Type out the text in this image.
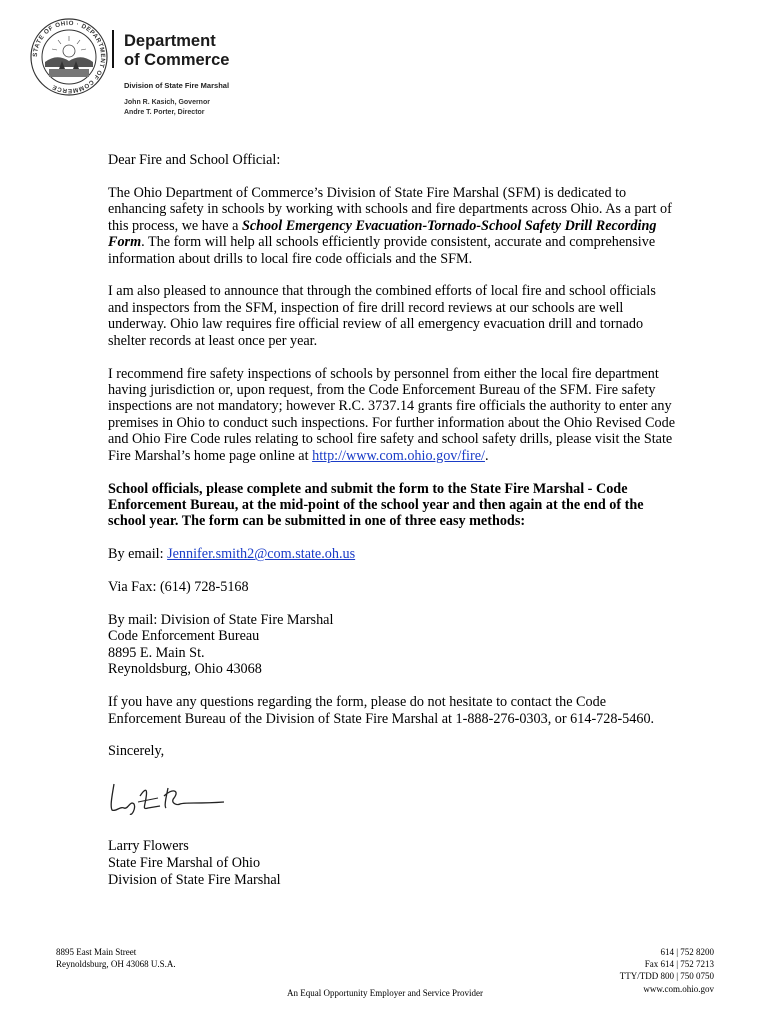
STATE OF OHIO · DEPARTMENT OF COMMERCE
Department
of Commerce
Division of State Fire Marshal
John R. Kasich, Governor
Andre T. Porter, Director

Dear Fire and School Official:

The Ohio Department of Commerce’s Division of State Fire Marshal (SFM) is dedicated to enhancing safety in schools by working with schools and fire departments across Ohio. As a part of this process, we have a School Emergency Evacuation-Tornado-School Safety Drill Recording Form. The form will help all schools efficiently provide consistent, accurate and comprehensive information about drills to local fire code officials and the SFM.

I am also pleased to announce that through the combined efforts of local fire and school officials and inspectors from the SFM, inspection of fire drill record reviews at our schools are well underway. Ohio law requires fire official review of all emergency evacuation drill and tornado shelter records at least once per year.

I recommend fire safety inspections of schools by personnel from either the local fire department having jurisdiction or, upon request, from the Code Enforcement Bureau of the SFM. Fire safety inspections are not mandatory; however R.C. 3737.14 grants fire officials the authority to enter any premises in Ohio to conduct such inspections. For further information about the Ohio Revised Code and Ohio Fire Code rules relating to school fire safety and school safety drills, please visit the State Fire Marshal’s home page online at http://www.com.ohio.gov/fire/.

School officials, please complete and submit the form to the State Fire Marshal - Code Enforcement Bureau, at the mid-point of the school year and then again at the end of the school year. The form can be submitted in one of three easy methods:

By email: Jennifer.smith2@com.state.oh.us

Via Fax: (614) 728-5168

By mail: Division of State Fire Marshal
Code Enforcement Bureau
8895 E. Main St.
Reynoldsburg, Ohio 43068

If you have any questions regarding the form, please do not hesitate to contact the Code Enforcement Bureau of the Division of State Fire Marshal at 1-888-276-0303, or 614-728-5460.

Sincerely,

Larry Flowers
State Fire Marshal of Ohio
Division of State Fire Marshal
8895 East Main Street
Reynoldsburg, OH 43068 U.S.A.
614 | 752 8200
Fax 614 | 752 7213
TTY/TDD 800 | 750 0750
www.com.ohio.gov
An Equal Opportunity Employer and Service Provider
